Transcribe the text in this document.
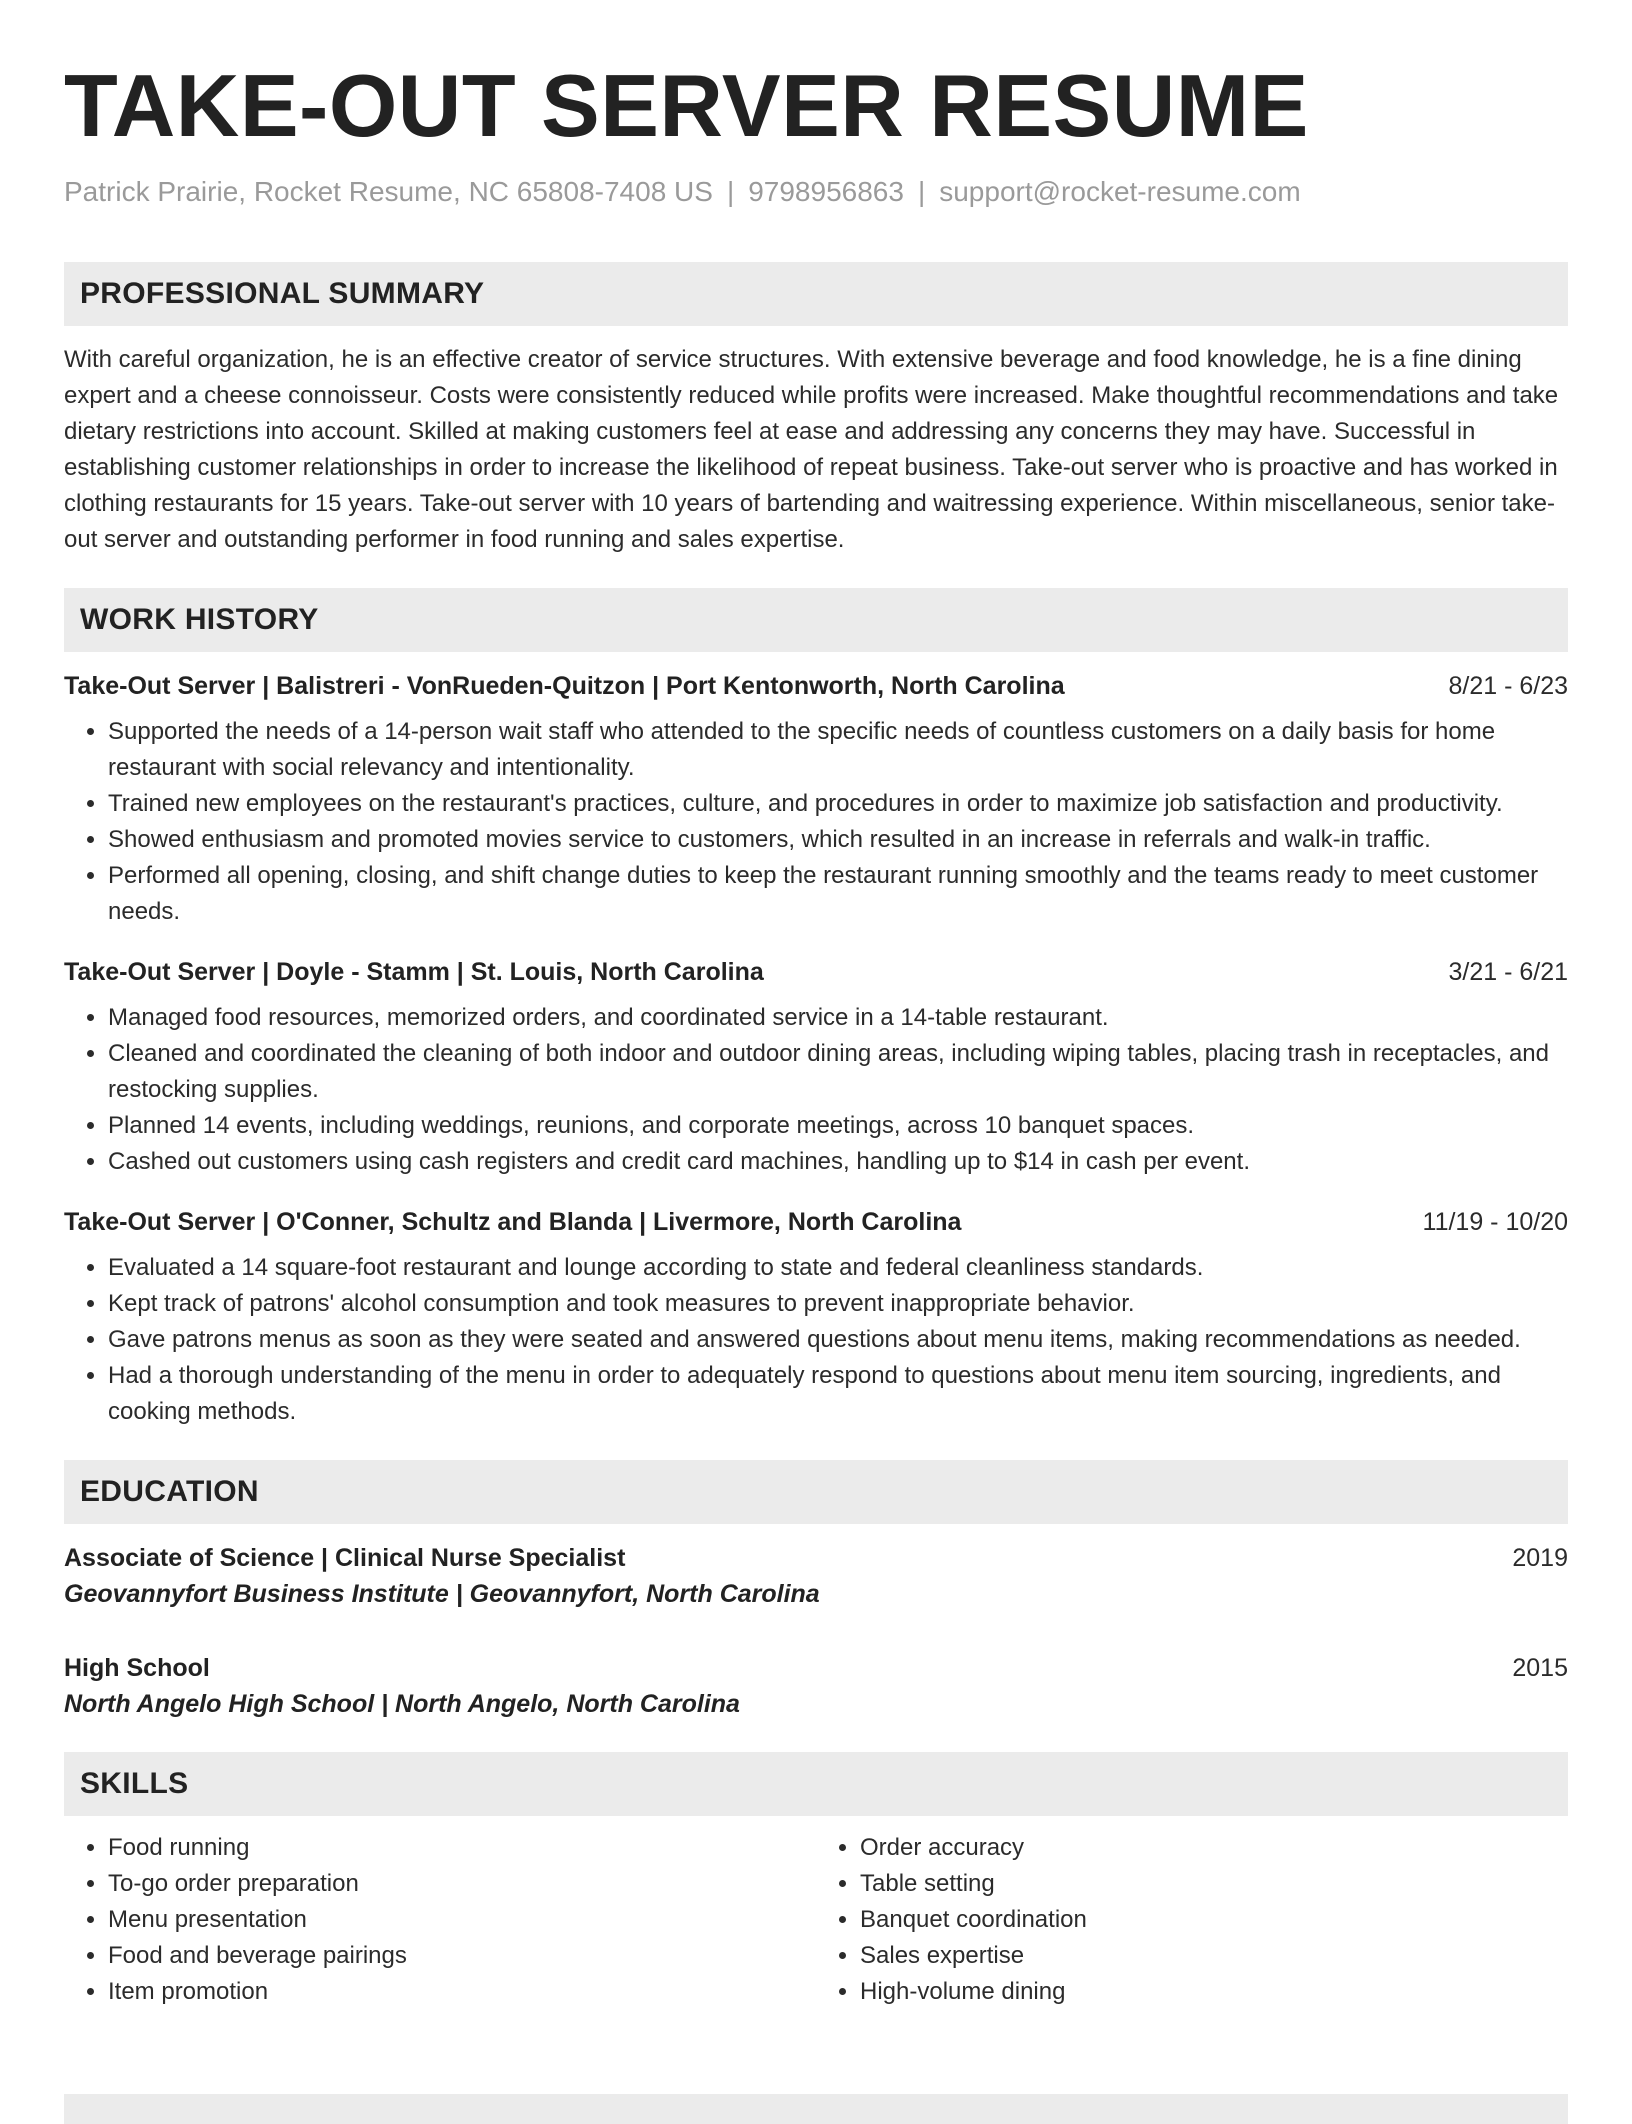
TAKE-OUT SERVER RESUME
Patrick Prairie, Rocket Resume, NC 65808-7408 US | 9798956863 | support@rocket-resume.com
PROFESSIONAL SUMMARY

With careful organization, he is an effective creator of service structures. With extensive beverage and food knowledge, he is a fine dining expert and a cheese connoisseur. Costs were consistently reduced while profits were increased. Make thoughtful recommendations and take dietary restrictions into account. Skilled at making customers feel at ease and addressing any concerns they may have. Successful in establishing customer relationships in order to increase the likelihood of repeat business. Take-out server who is proactive and has worked in clothing restaurants for 15 years. Take-out server with 10 years of bartending and waitressing experience. Within miscellaneous, senior take-out server and outstanding performer in food running and sales expertise.

WORK HISTORY
Take-Out Server | Balistreri - VonRueden-Quitzon | Port Kentonworth, North Carolina	8/21 - 6/23
• Supported the needs of a 14-person wait staff who attended to the specific needs of countless customers on a daily basis for home restaurant with social relevancy and intentionality.
• Trained new employees on the restaurant's practices, culture, and procedures in order to maximize job satisfaction and productivity.
• Showed enthusiasm and promoted movies service to customers, which resulted in an increase in referrals and walk-in traffic.
• Performed all opening, closing, and shift change duties to keep the restaurant running smoothly and the teams ready to meet customer needs.
Take-Out Server | Doyle - Stamm | St. Louis, North Carolina	3/21 - 6/21
• Managed food resources, memorized orders, and coordinated service in a 14-table restaurant.
• Cleaned and coordinated the cleaning of both indoor and outdoor dining areas, including wiping tables, placing trash in receptacles, and restocking supplies.
• Planned 14 events, including weddings, reunions, and corporate meetings, across 10 banquet spaces.
• Cashed out customers using cash registers and credit card machines, handling up to $14 in cash per event.
Take-Out Server | O'Conner, Schultz and Blanda | Livermore, North Carolina	11/19 - 10/20
• Evaluated a 14 square-foot restaurant and lounge according to state and federal cleanliness standards.
• Kept track of patrons' alcohol consumption and took measures to prevent inappropriate behavior.
• Gave patrons menus as soon as they were seated and answered questions about menu items, making recommendations as needed.
• Had a thorough understanding of the menu in order to adequately respond to questions about menu item sourcing, ingredients, and cooking methods.
EDUCATION
Associate of Science | Clinical Nurse Specialist	2019
Geovannyfort Business Institute | Geovannyfort, North Carolina
High School	2015
North Angelo High School | North Angelo, North Carolina
SKILLS
• Food running
• To-go order preparation
• Menu presentation
• Food and beverage pairings
• Item promotion
• Order accuracy
• Table setting
• Banquet coordination
• Sales expertise
• High-volume dining
